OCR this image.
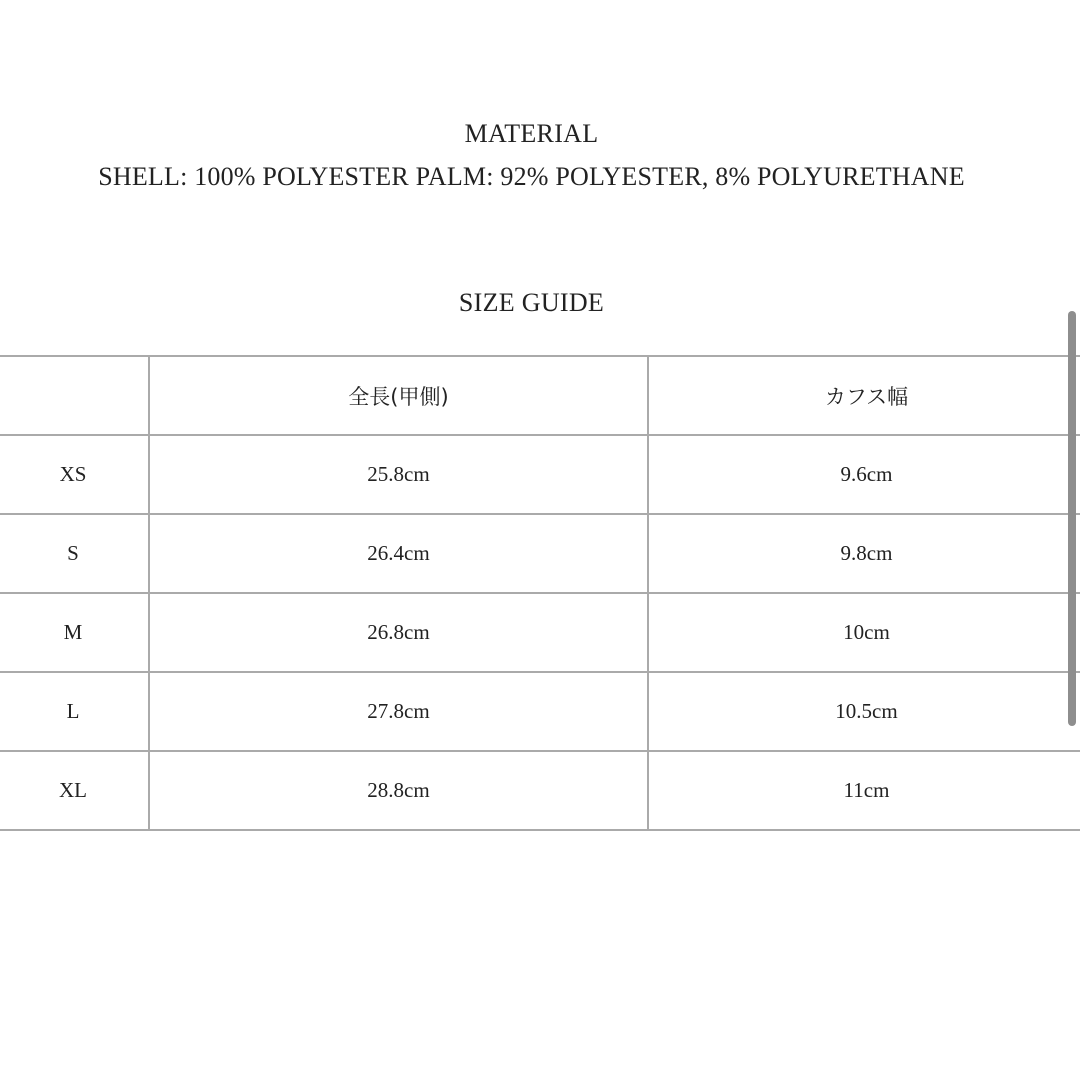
MATERIAL
SHELL: 100% POLYESTER PALM: 92% POLYESTER, 8% POLYURETHANE
SIZE GUIDE
	全長(甲側)	カフス幅
XS	25.8cm	9.6cm
S	26.4cm	9.8cm
M	26.8cm	10cm
L	27.8cm	10.5cm
XL	28.8cm	11cm
